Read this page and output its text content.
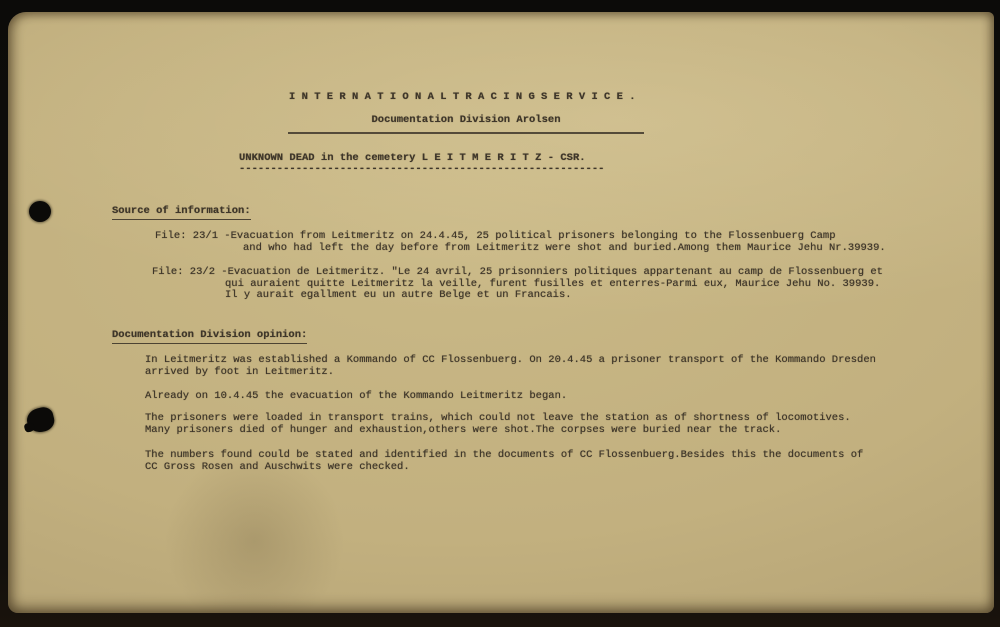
I N T E R N A T I O N A L T R A C I N G S E R V I C E .
Documentation Division Arolsen
UNKNOWN DEAD in the cemetery L E I T M E R I T Z - CSR.
----------------------------------------------------------
Source of information:
File: 23/1 -Evacuation from Leitmeritz on 24.4.45, 25 political prisoners belonging to the Flossenbuerg Camp
and who had left the day before from Leitmeritz were shot and buried.Among them Maurice Jehu Nr.39939.
File: 23/2 -Evacuation de Leitmeritz. "Le 24 avril, 25 prisonniers politiques appartenant au camp de Flossenbuerg et
qui auraient quitte Leitmeritz la veille, furent fusilles et enterres-Parmi eux, Maurice Jehu No. 39939.
Il y aurait egallment eu un autre Belge et un Francais.
Documentation Division opinion:
In Leitmeritz was established a Kommando of CC Flossenbuerg. On 20.4.45 a prisoner transport of the Kommando Dresden
arrived by foot in Leitmeritz.
Already on 10.4.45 the evacuation of the Kommando Leitmeritz began.
The prisoners were loaded in transport trains, which could not leave the station as of shortness of locomotives.
Many prisoners died of hunger and exhaustion,others were shot.The corpses were buried near the track.
The numbers found could be stated and identified in the documents of CC Flossenbuerg.Besides this the documents of
CC Gross Rosen and Auschwits were checked.
